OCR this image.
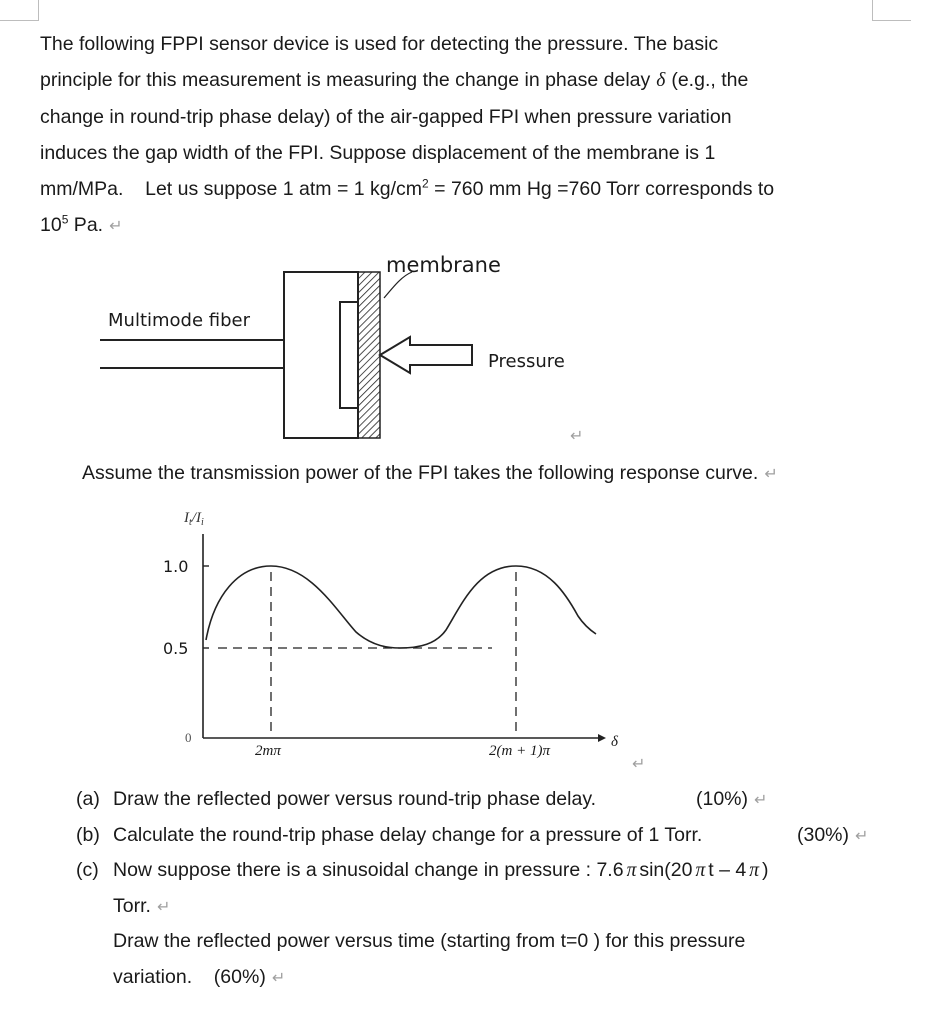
The following FPPI sensor device is used for detecting the pressure. The basic
principle for this measurement is measuring the change in phase delay δ (e.g., the
change in round-trip phase delay) of the air-gapped FPI when pressure variation
induces the gap width of the FPI. Suppose displacement of the membrane is 1
mm/MPa. Let us suppose 1 atm = 1 $kg/cm^2 = 760$ mm Hg =760 Torr corresponds to
$10^5$ Pa. ↵
membrane
Multimode fiber
Pressure
↵

Assume the transmission power of the FPI takes the following response curve. ↵

$I_t/I_i$
1.0
0.5
0
2mπ	2(m + 1)π
δ
↵
(a) Draw the reflected power versus round-trip phase delay.	(10%) ↵
(b) Calculate the round-trip phase delay change for a pressure of 1 Torr.	(30%) ↵
(c) Now suppose there is a sinusoidal change in pressure : 7.6 π sin(20 π t – 4 π )
Torr. ↵
Draw the reflected power versus time (starting from t=0 ) for this pressure
variation. (60%) ↵
